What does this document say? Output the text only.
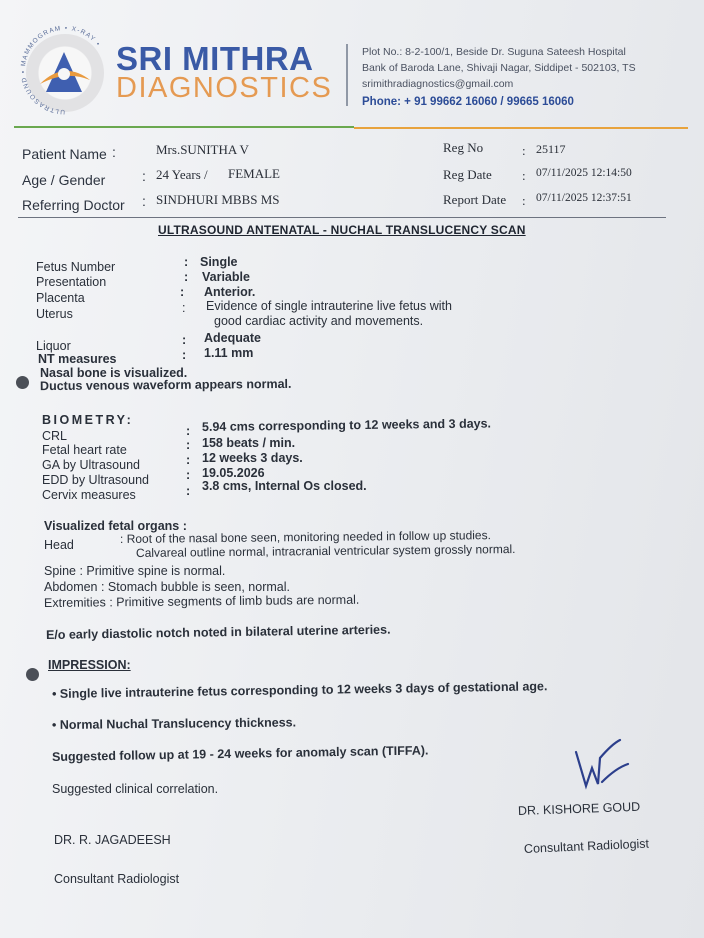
ULTRASOUND • MAMMOGRAM • X-RAY • SRI MITHRA
DIAGNOSTICS
Plot No.: 8-2-100/1, Beside Dr. Suguna Sateesh Hospital
Bank of Baroda Lane, Shivaji Nagar, Siddipet - 502103, TS
srimithradiagnostics@gmail.com
Phone: + 91 99662 16060 / 99665 16060
Patient Name :	Mrs.SUNITHA V
Age / Gender	: 24 Years / FEMALE
Referring Doctor : SINDHURI MBBS MS
Reg No	: 25117
Reg Date : 07/11/2025 12:14:50
Report Date : 07/11/2025 12:37:51
ULTRASOUND ANTENATAL - NUCHAL TRANSLUCENCY SCAN
Fetus Number	: Single
Presentation	: Variable
Placenta	: Anterior.
Uterus	: Evidence of single intrauterine live fetus with
good cardiac activity and movements.
Liquor	: Adequate
NT measures	: 1.11 mm
Nasal bone is visualized.
Ductus venous waveform appears normal.
BIOMETRY:
CRL	: 5.94 cms corresponding to 12 weeks and 3 days.
Fetal heart rate	: 158 beats / min.
GA by Ultrasound	: 12 weeks 3 days.
EDD by Ultrasound	: 19.05.2026
Cervix measures	: 3.8 cms, Internal Os closed.
Visualized fetal organs :
Head	: Root of the nasal bone seen, monitoring needed in follow up studies.
Calvareal outline normal, intracranial ventricular system grossly normal.
Spine : Primitive spine is normal.
Abdomen : Stomach bubble is seen, normal.
Extremities : Primitive segments of limb buds are normal.
E/o early diastolic notch noted in bilateral uterine arteries.
IMPRESSION:
• Single live intrauterine fetus corresponding to 12 weeks 3 days of gestational age.
• Normal Nuchal Translucency thickness.
Suggested follow up at 19 - 24 weeks for anomaly scan (TIFFA).
Suggested clinical correlation.
DR. KISHORE GOUD
Consultant Radiologist
DR. R. JAGADEESH
Consultant Radiologist
